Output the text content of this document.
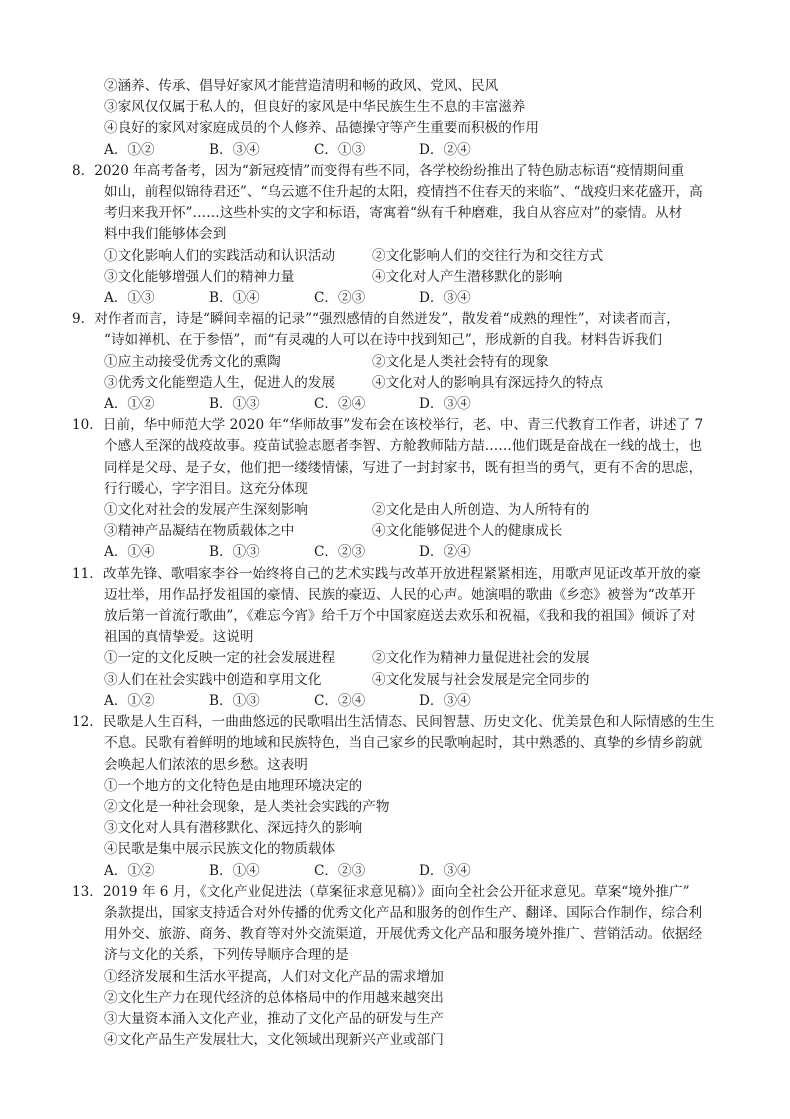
②涵养、传承、倡导好家风才能营造清明和畅的政风、党风、民风
③家风仅仅属于私人的，但良好的家风是中华民族生生不息的丰富滋养
④良好的家风对家庭成员的个人修养、品德操守等产生重要而积极的作用
A．①②	B．③④	C．①③	D．②④
8．2020 年高考备考，因为“新冠疫情”而变得有些不同，各学校纷纷推出了特色励志标语“疫情期间重
如山，前程似锦待君还”、“乌云遮不住升起的太阳，疫情挡不住春天的来临”、“战疫归来花盛开，高
考归来我开怀”……这些朴实的文字和标语，寄寓着“纵有千种磨难，我自从容应对”的豪情。从材
料中我们能够体会到
①文化影响人们的实践活动和认识活动	②文化影响人们的交往行为和交往方式
③文化能够增强人们的精神力量	④文化对人产生潜移默化的影响
A．①③	B．①④	C．②③	D．③④
9．对作者而言，诗是“瞬间幸福的记录”“强烈感情的自然迸发”，散发着“成熟的理性”，对读者而言，
“诗如禅机、在于参悟”，而“有灵魂的人可以在诗中找到知己”，形成新的自我。材料告诉我们
①应主动接受优秀文化的熏陶	②文化是人类社会特有的现象
③优秀文化能塑造人生，促进人的发展	④文化对人的影响具有深远持久的特点
A．①②	B．①③	C．②④	D．③④
10．日前，华中师范大学 2020 年“华师故事”发布会在该校举行，老、中、青三代教育工作者，讲述了 7
个感人至深的战疫故事。疫苗试验志愿者李智、方舱教师陆方喆……他们既是奋战在一线的战士，也
同样是父母、是子女，他们把一缕缕情愫，写进了一封封家书，既有担当的勇气，更有不舍的思虑，
行行暖心，字字泪目。这充分体现
①文化对社会的发展产生深刻影响	②文化是由人所创造、为人所特有的
③精神产品凝结在物质载体之中	④文化能够促进个人的健康成长
A．①④	B．①③	C．②③	D．②④
11．改革先锋、歌唱家李谷一始终将自己的艺术实践与改革开放进程紧紧相连，用歌声见证改革开放的豪
迈壮举，用作品抒发祖国的豪情、民族的豪迈、人民的心声。她演唱的歌曲《乡恋》被誉为“改革开
放后第一首流行歌曲”，《难忘今宵》给千万个中国家庭送去欢乐和祝福，《我和我的祖国》倾诉了对
祖国的真情挚爱。这说明
①一定的文化反映一定的社会发展进程	②文化作为精神力量促进社会的发展
③人们在社会实践中创造和享用文化	④文化发展与社会发展是完全同步的
A．①②	B．①③	C．②④	D．③④
12．民歌是人生百科，一曲曲悠远的民歌唱出生活情态、民间智慧、历史文化、优美景色和人际情感的生生
不息。民歌有着鲜明的地域和民族特色，当自己家乡的民歌响起时，其中熟悉的、真挚的乡情乡韵就
会唤起人们浓浓的思乡愁。这表明
①一个地方的文化特色是由地理环境决定的
②文化是一种社会现象，是人类社会实践的产物
③文化对人具有潜移默化、深远持久的影响
④民歌是集中展示民族文化的物质载体
A．①②	B．①④	C．②③	D．③④
13．2019 年 6 月，《文化产业促进法（草案征求意见稿）》面向全社会公开征求意见。草案“境外推广”
条款提出，国家支持适合对外传播的优秀文化产品和服务的创作生产、翻译、国际合作制作，综合利
用外交、旅游、商务、教育等对外交流渠道，开展优秀文化产品和服务境外推广、营销活动。依据经
济与文化的关系，下列传导顺序合理的是
①经济发展和生活水平提高，人们对文化产品的需求增加
②文化生产力在现代经济的总体格局中的作用越来越突出
③大量资本涌入文化产业，推动了文化产品的研发与生产
④文化产品生产发展壮大，文化领域出现新兴产业或部门
